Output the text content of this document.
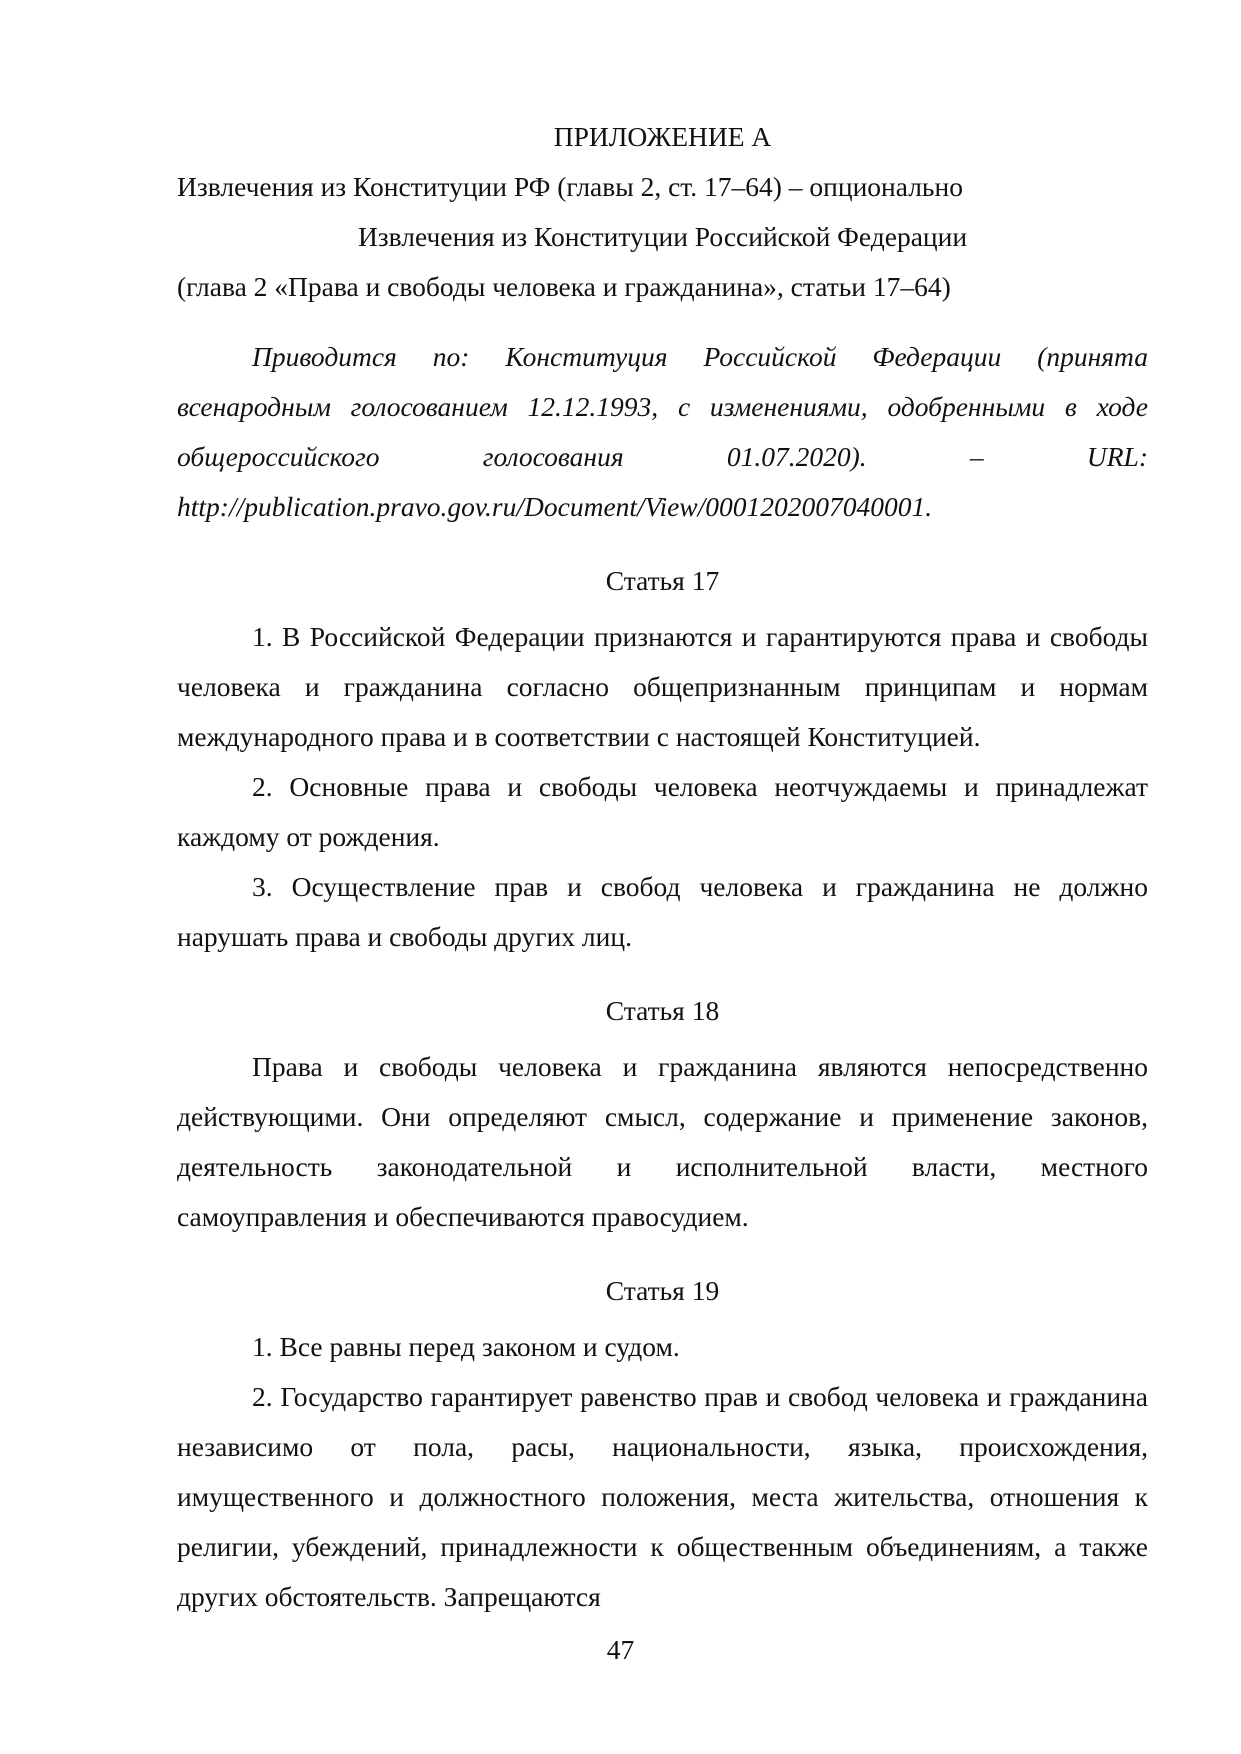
ПРИЛОЖЕНИЕ А

Извлечения из Конституции РФ (главы 2, ст. 17–64) – опционально

Извлечения из Конституции Российской Федерации

(глава 2 «Права и свободы человека и гражданина», статьи 17–64)

Приводится по: Конституция Российской Федерации (принята всенародным голосованием 12.12.1993, с изменениями, одобренными в ходе общероссийского голосования 01.07.2020). – URL: http://publication.pravo.gov.ru/Document/View/0001202007040001.

Статья 17

1. В Российской Федерации признаются и гарантируются права и свободы человека и гражданина согласно общепризнанным принципам и нормам международного права и в соответствии с настоящей Конституцией.

2. Основные права и свободы человека неотчуждаемы и принадлежат каждому от рождения.

3. Осуществление прав и свобод человека и гражданина не должно нарушать права и свободы других лиц.

Статья 18

Права и свободы человека и гражданина являются непосредственно действующими. Они определяют смысл, содержание и применение законов, деятельность законодательной и исполнительной власти, местного самоуправления и обеспечиваются правосудием.

Статья 19

1. Все равны перед законом и судом.

2. Государство гарантирует равенство прав и свобод человека и гражданина независимо от пола, расы, национальности, языка, происхождения, имущественного и должностного положения, места жительства, отношения к религии, убеждений, принадлежности к общественным объединениям, а также других обстоятельств. Запрещаются

47
